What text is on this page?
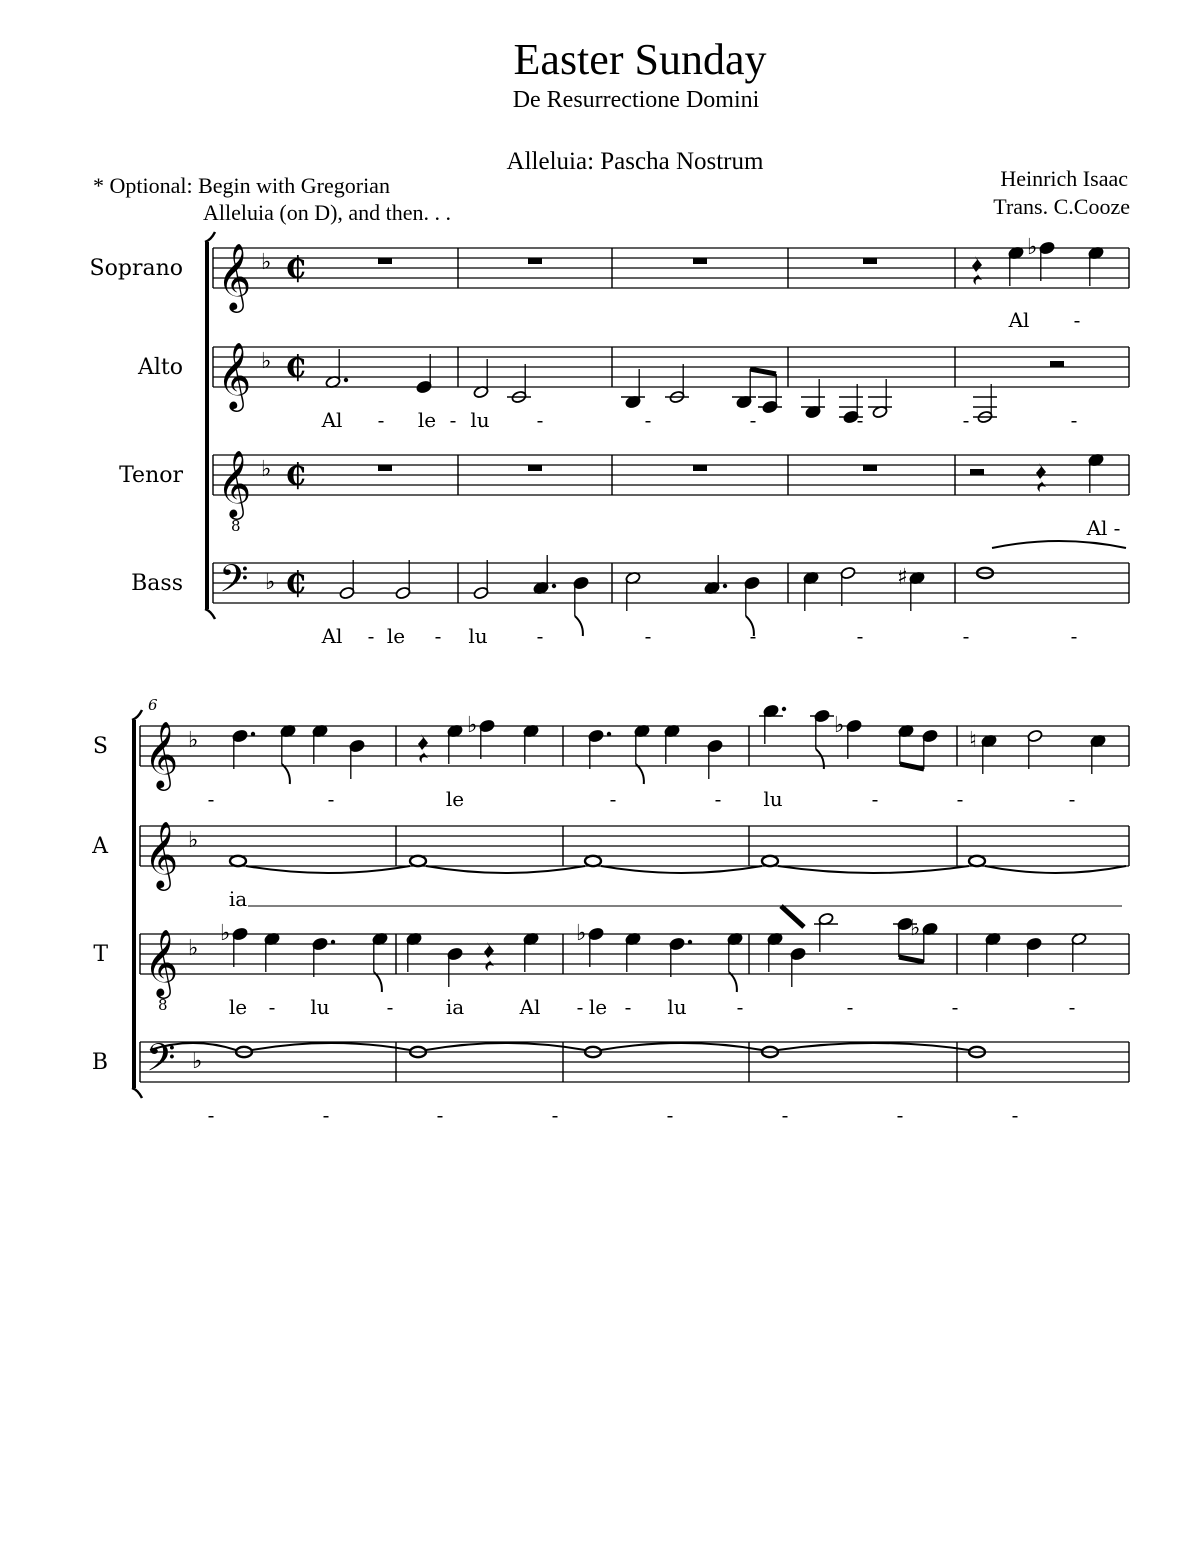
Easter Sunday
De Resurrectione Domini
Alleluia: Pascha Nostrum
* Optional: Begin with Gregorian
Alleluia (on D), and then. . .
Heinrich Isaac
Trans. C.Cooze
Soprano 𝄞 ♭ ₵
Alto 𝄞 ♭ ₵
Tenor 𝄞
8
♭ ₵
Bass 𝄢 ♭ ₵
6
S 𝄞 ♭
A 𝄞 ♭
T 𝄞
8
♭
B 𝄢 ♭
♭
♯
♭	♭
♮
♭	♭	♭
Al -
Al - le - lu -	-	-	-	-	-
Al -
Al - le - lu -	-	-	-	-	-
-	-	le	-	- lu	-	-	-
ia
le - lu	-	ia	Al - le - lu -	-	-	-
-	-	-	-	-	-	-	-
